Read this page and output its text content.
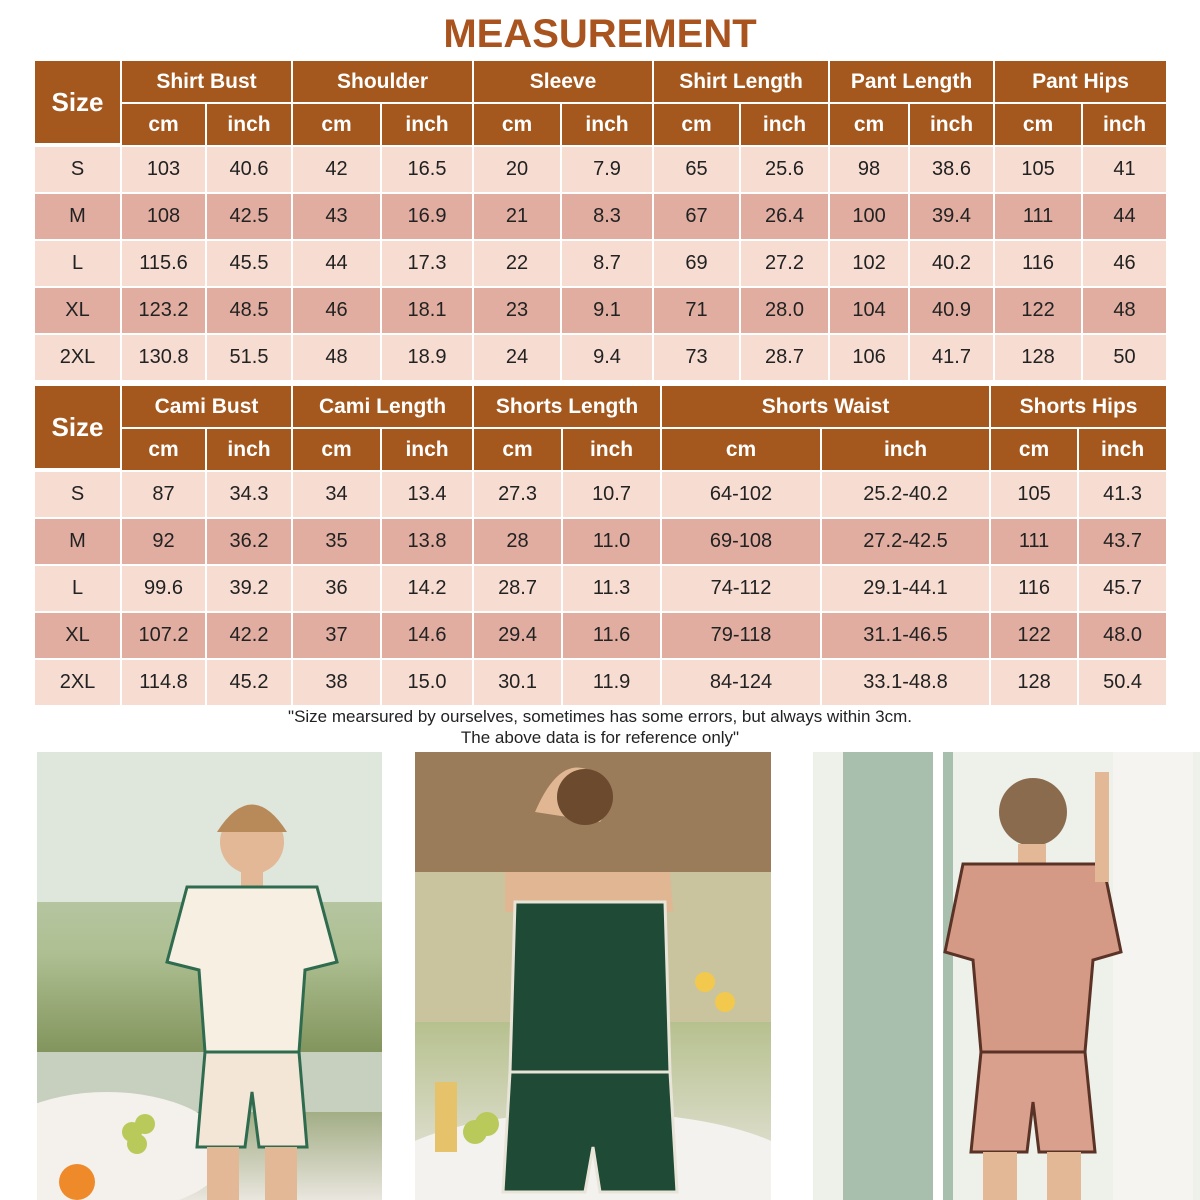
MEASUREMENT
Size	Shirt Bust		Shoulder		Sleeve		Shirt Length		Pant Length		Pant Hips	
	cm	inch	cm	inch	cm	inch	cm	inch	cm	inch	cm	inch
S	103	40.6	42	16.5	20	7.9	65	25.6	98	38.6	105	41
M	108	42.5	43	16.9	21	8.3	67	26.4	100	39.4	111	44
L	115.6	45.5	44	17.3	22	8.7	69	27.2	102	40.2	116	46
XL	123.2	48.5	46	18.1	23	9.1	71	28.0	104	40.9	122	48
2XL	130.8	51.5	48	18.9	24	9.4	73	28.7	106	41.7	128	50
Size	Cami Bust		Cami Length		Shorts Length		Shorts Waist		Shorts Hips	
	cm	inch	cm	inch	cm	inch	cm	inch	cm	inch
S	87	34.3	34	13.4	27.3	10.7	64-102	25.2-40.2	105	41.3
M	92	36.2	35	13.8	28	11.0	69-108	27.2-42.5	111	43.7
L	99.6	39.2	36	14.2	28.7	11.3	74-112	29.1-44.1	116	45.7
XL	107.2	42.2	37	14.6	29.4	11.6	79-118	31.1-46.5	122	48.0
2XL	114.8	45.2	38	15.0	30.1	11.9	84-124	33.1-48.8	128	50.4
"Size mearsured by ourselves, sometimes has some errors, but always within 3cm.
The above data is for reference only"
